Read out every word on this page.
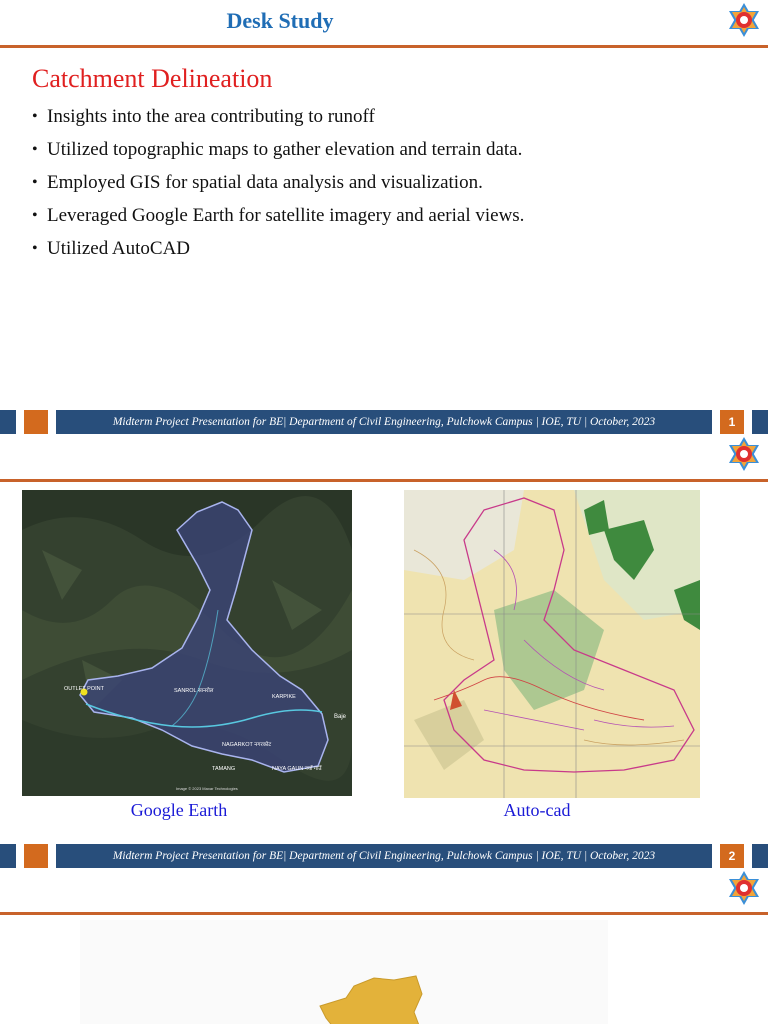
Desk Study
Catchment Delineation
• Insights into the area contributing to runoff
• Utilized topographic maps to gather elevation and terrain data.
• Employed GIS for spatial data analysis and visualization.
• Leveraged Google Earth for satellite imagery and aerial views.
• Utilized AutoCAD
Midterm Project Presentation for BE| Department of Civil Engineering, Pulchowk Campus | IOE, TU | October, 2023	1
OUTLET POINT	SANROL सानरोल
KARPIKE
NAGARKOT नगरकोट
TAMANG	NAYA GAUN नयाँ गाउँ
Baje
Image © 2023 Maxar Technologies
Google Earth	Auto-cad
Midterm Project Presentation for BE| Department of Civil Engineering, Pulchowk Campus | IOE, TU | October, 2023	2
